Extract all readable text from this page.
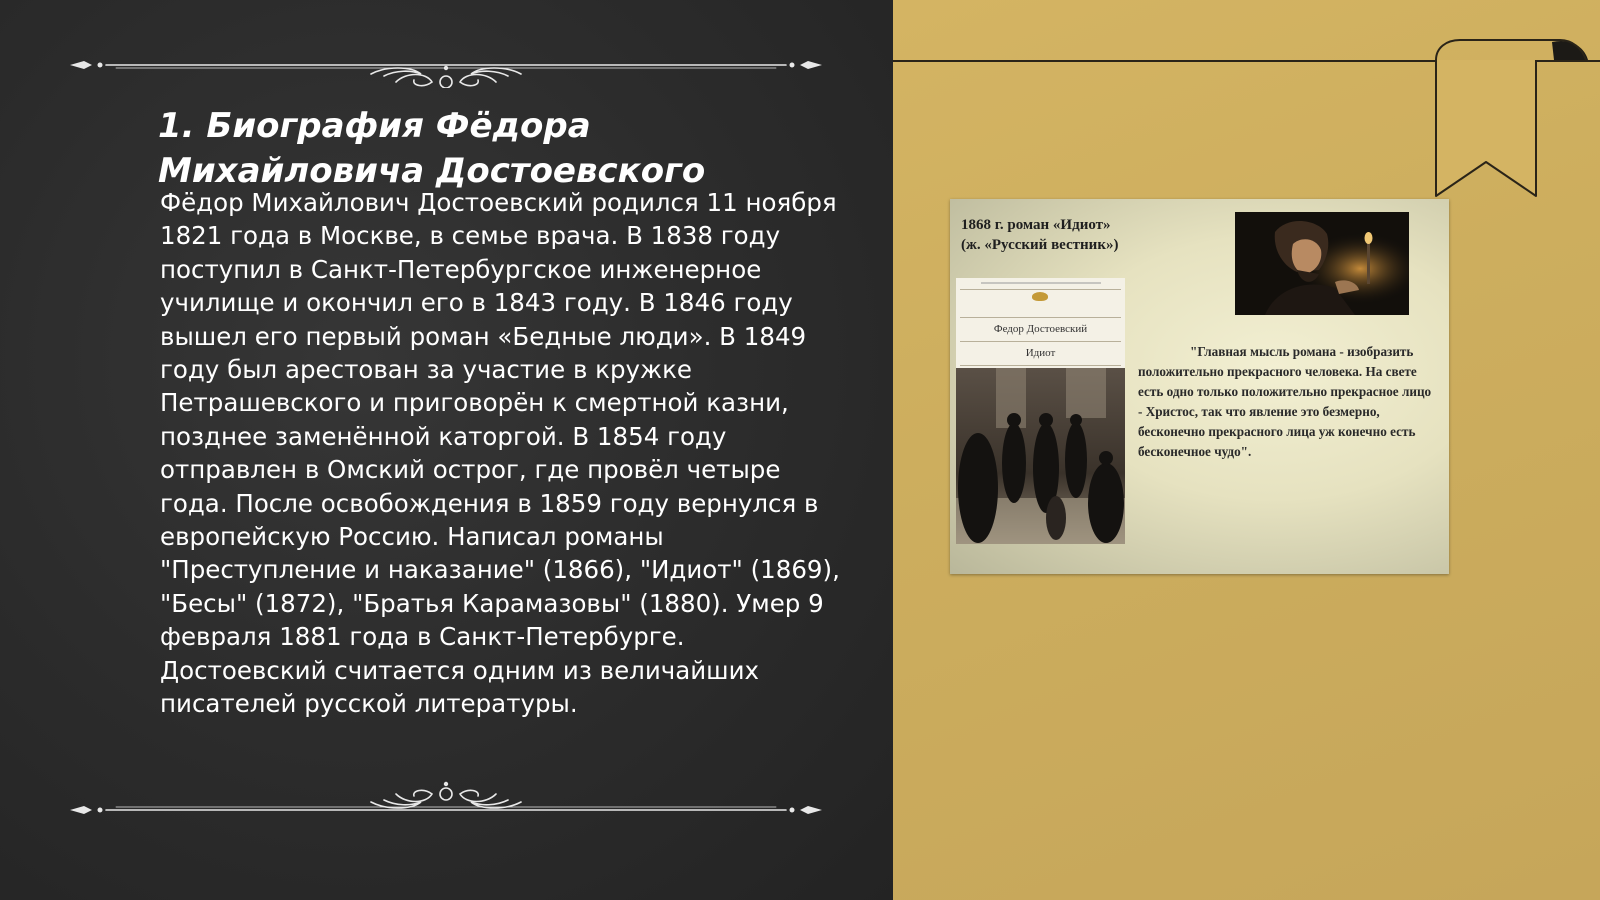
1. Биография Фёдора Михайловича Достоевского

Фёдор Михайлович Достоевский родился 11 ноября 1821 года в Москве, в семье врача. В 1838 году поступил в Санкт-Петербургское инженерное училище и окончил его в 1843 году. В 1846 году вышел его первый роман «Бедные люди». В 1849 году был арестован за участие в кружке Петрашевского и приговорён к смертной казни, позднее заменённой каторгой. В 1854 году отправлен в Омский острог, где провёл четыре года. После освобождения в 1859 году вернулся в европейскую Россию. Написал романы "Преступление и наказание" (1866), "Идиот" (1869), "Бесы" (1872), "Братья Карамазовы" (1880). Умер 9 февраля 1881 года в Санкт-Петербурге. Достоевский считается одним из величайших писателей русской литературы.

1868 г. роман «Идиот»
(ж. «Русский вестник»)

Федор Достоевский
Идиот	"Главная мысль романа - изобразить положительно прекрасного человека. На свете есть одно только положительно прекрасное лицо - Христос, так что явление это безмерно, бесконечно прекрасного лица уж конечно есть бесконечное чудо".
